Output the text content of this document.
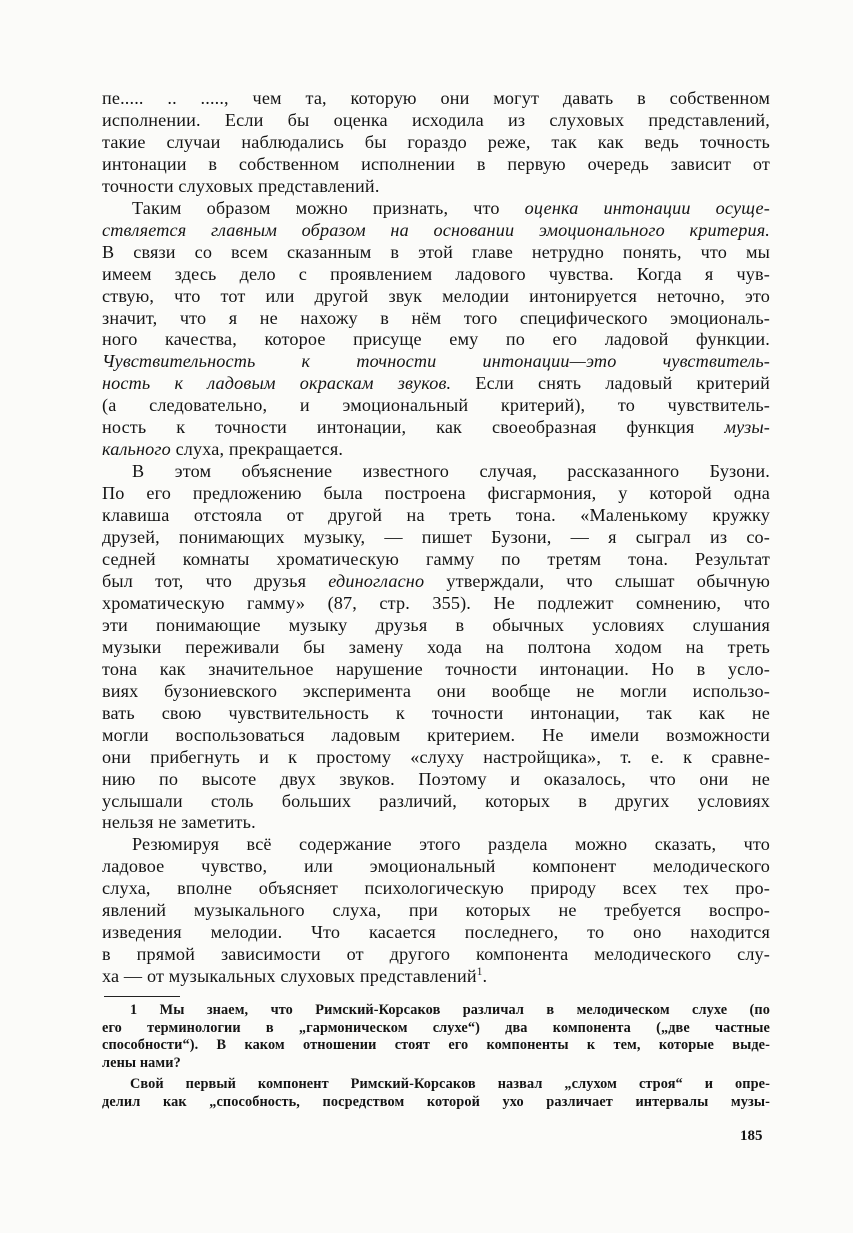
пе..... .. ....., чем та, которую они могут давать в собственном
исполнении. Если бы оценка исходила из слуховых представлений,
такие случаи наблюдались бы гораздо реже, так как ведь точность
интонации в собственном исполнении в первую очередь зависит от
точности слуховых представлений.

Таким образом можно признать, что оценка интонации осуще-
ствляется главным образом на основании эмоционального критерия.
В связи со всем сказанным в этой главе нетрудно понять, что мы
имеем здесь дело с проявлением ладового чувства. Когда я чув-
ствую, что тот или другой звук мелодии интонируется неточно, это
значит, что я не нахожу в нём того специфического эмоциональ-
ного качества, которое присуще ему по его ладовой функции.
Чувствительность к точности интонации—это чувствитель-
ность к ладовым окраскам звуков. Если снять ладовый критерий
(а следовательно, и эмоциональный критерий), то чувствитель-
ность к точности интонации, как своеобразная функция музы-
кального слуха, прекращается.

В этом объяснение известного случая, рассказанного Бузони.
По его предложению была построена фисгармония, у которой одна
клавиша отстояла от другой на треть тона. «Маленькому кружку
друзей, понимающих музыку, — пишет Бузони, — я сыграл из со-
седней комнаты хроматическую гамму по третям тона. Результат
был тот, что друзья единогласно утверждали, что слышат обычную
хроматическую гамму» (87, стр. 355). Не подлежит сомнению, что
эти понимающие музыку друзья в обычных условиях слушания
музыки переживали бы замену хода на полтона ходом на треть
тона как значительное нарушение точности интонации. Но в усло-
виях бузониевского эксперимента они вообще не могли использо-
вать свою чувствительность к точности интонации, так как не
могли воспользоваться ладовым критерием. Не имели возможности
они прибегнуть и к простому «слуху настройщика», т. е. к сравне-
нию по высоте двух звуков. Поэтому и оказалось, что они не
услышали столь больших различий, которых в других условиях
нельзя не заметить.

Резюмируя всё содержание этого раздела можно сказать, что
ладовое чувство, или эмоциональный компонент мелодического
слуха, вполне объясняет психологическую природу всех тех про-
явлений музыкального слуха, при которых не требуется воспро-
изведения мелодии. Что касается последнего, то оно находится
в прямой зависимости от другого компонента мелодического слу-
ха — от музыкальных слуховых представлений$^1$.

1 Мы знаем, что Римский-Корсаков различал в мелодическом слухе (по
его терминологии в „гармоническом слухе“) два компонента („две частные
способности“). В каком отношении стоят его компоненты к тем, которые выде-
лены нами?

Свой первый компонент Римский-Корсаков назвал „слухом строя“ и опре-
делил как „способность, посредством которой ухо различает интервалы музы-

185
